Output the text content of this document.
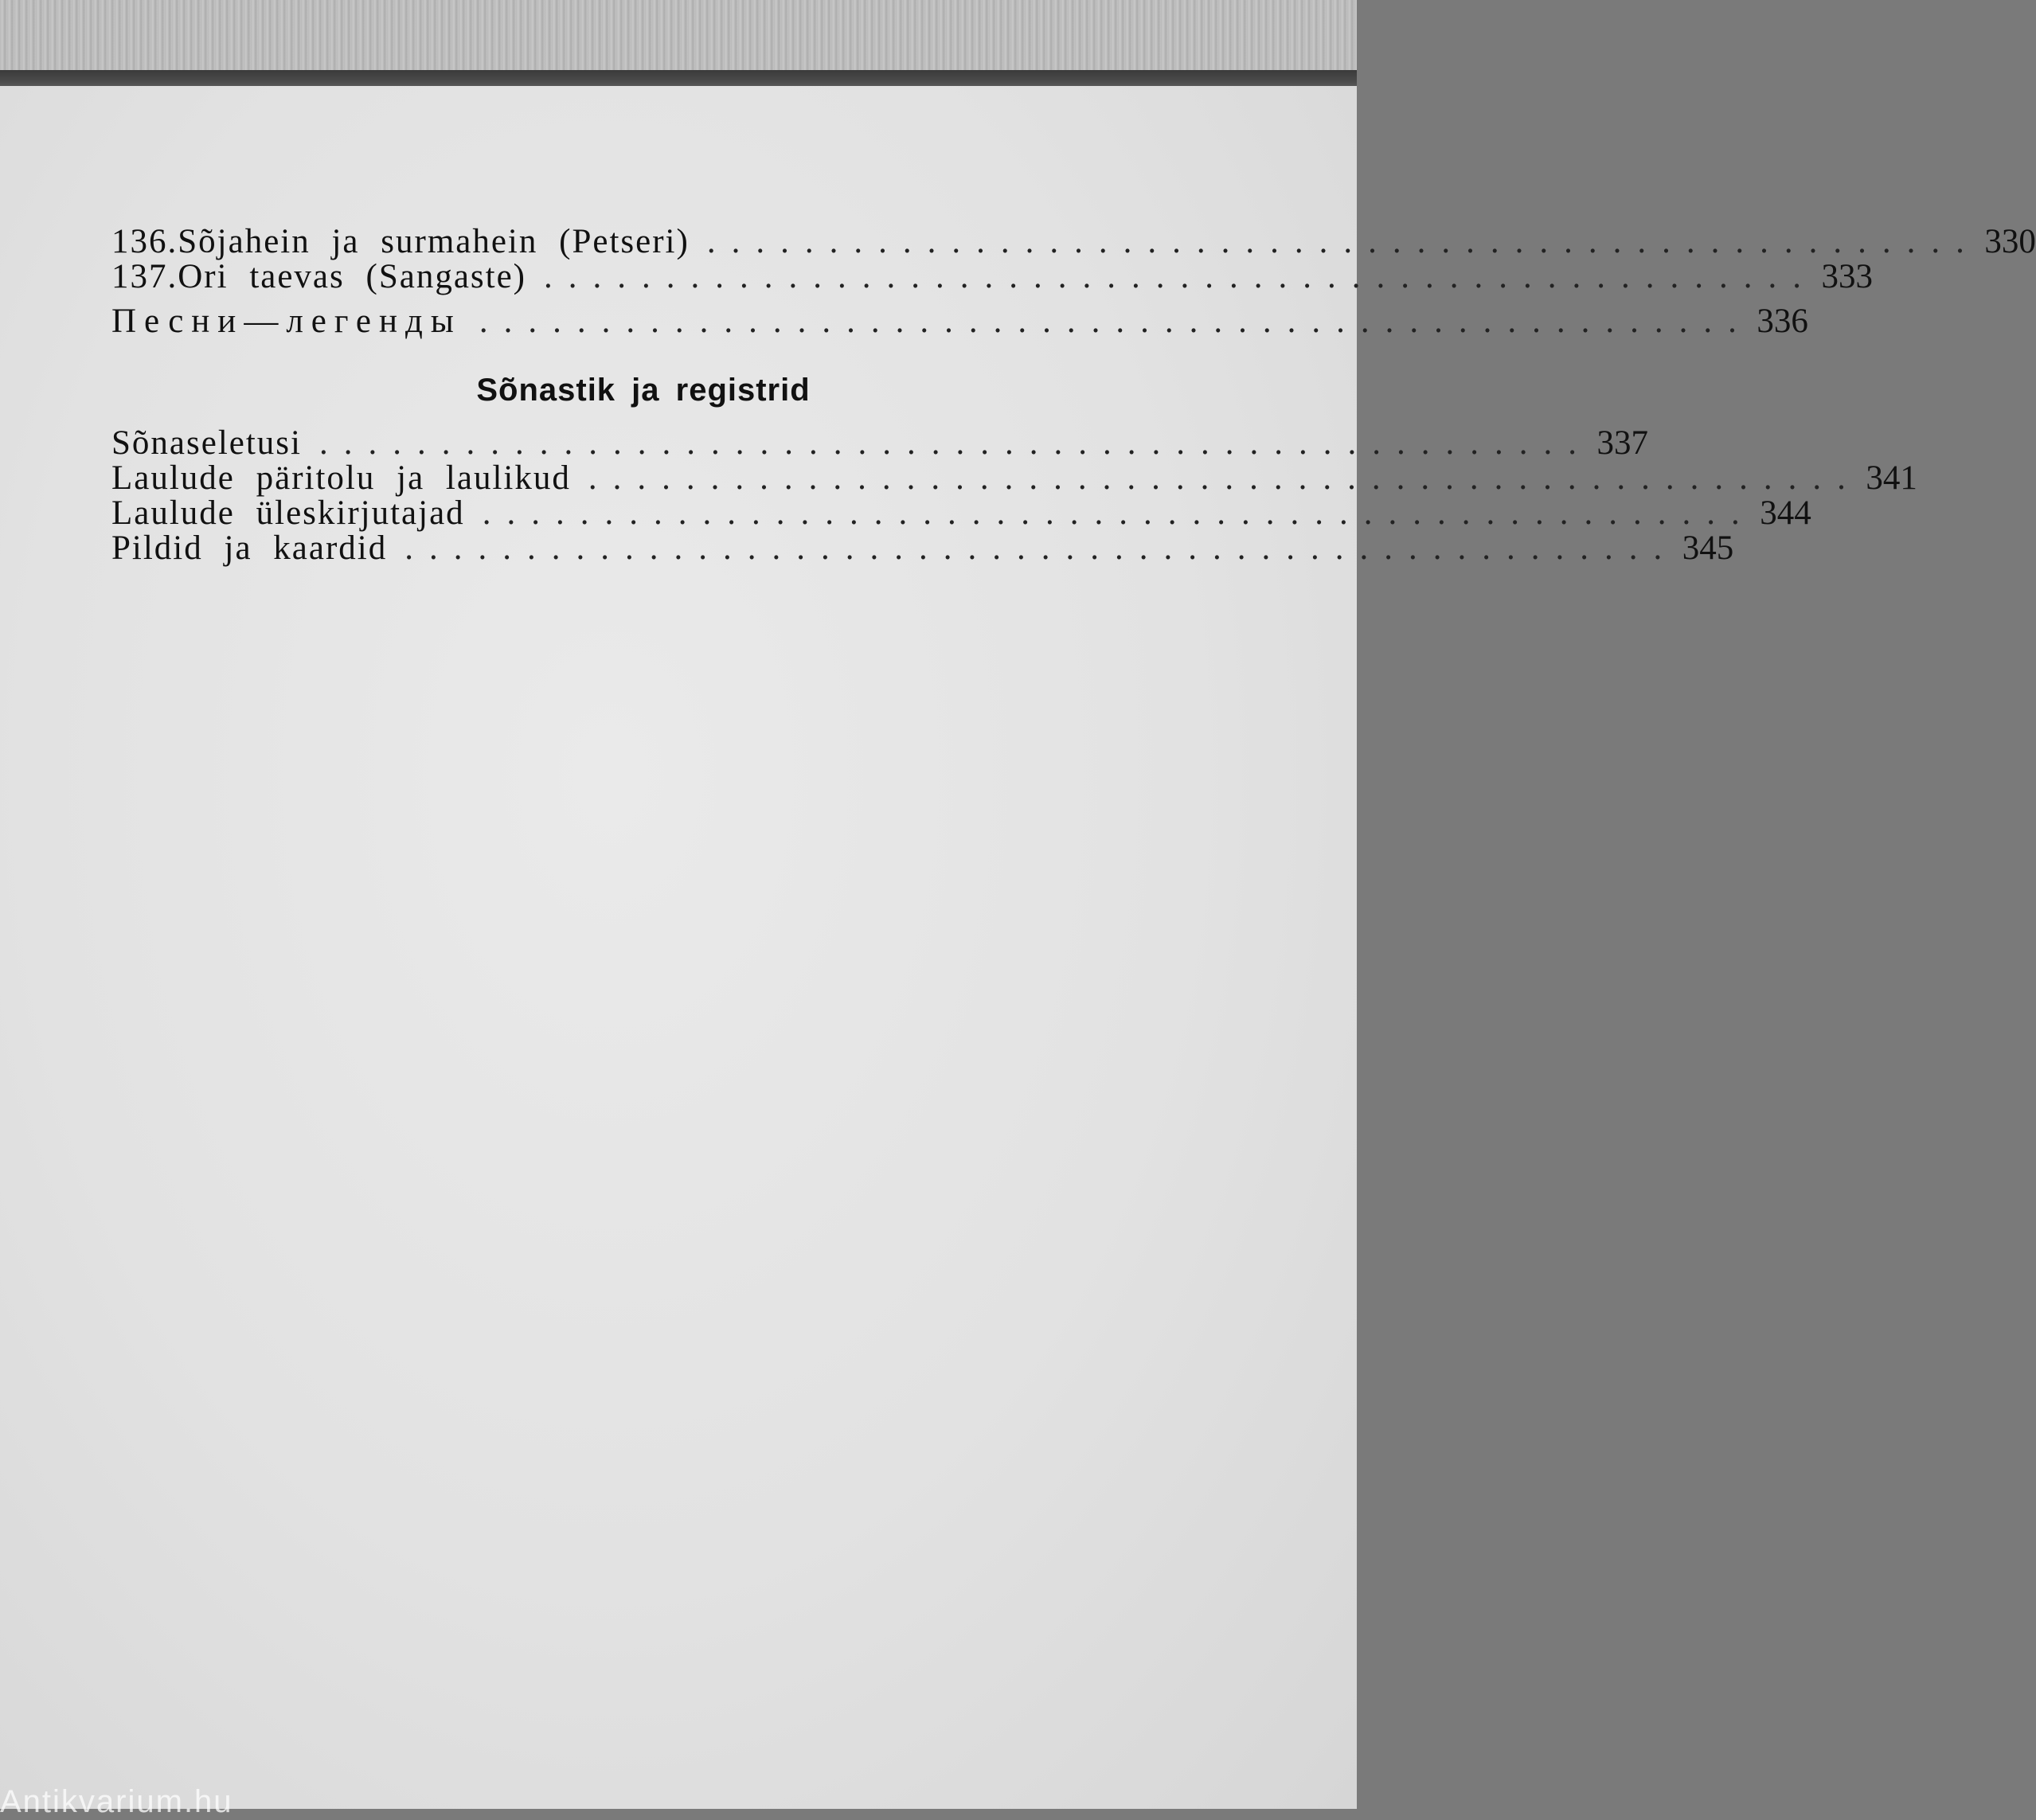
136. Sõjahein ja surmahein (Petseri) .................................................... 330
137. Ori taevas (Sangaste) .................................................... 333
Песни—легенды .................................................... 336
Sõnastik ja registrid
Sõnaseletusi .................................................... 337
Laulude päritolu ja laulikud .................................................... 341
Laulude üleskirjutajad .................................................... 344
Pildid ja kaardid .................................................... 345
Antikvarium.hu
